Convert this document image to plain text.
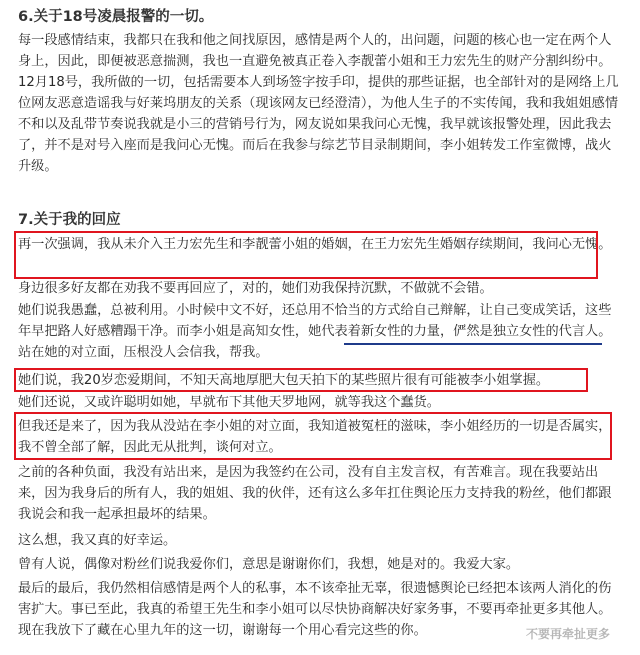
6.关于18号凌晨报警的一切。

每一段感情结束，我都只在我和他之间找原因，感情是两个人的，出问题，问题的核心也一定在两个人身上，因此，即便被恶意揣测，我也一直避免被真正卷入李靓蕾小姐和王力宏先生的财产分割纠纷中。12月18号，我所做的一切，包括需要本人到场签字按手印，提供的那些证据，也全部针对的是网络上几位网友恶意造谣我与好莱坞朋友的关系（现该网友已经澄清），为他人生子的不实传闻，我和我姐姐感情不和以及乱带节奏说我就是小三的营销号行为，网友说如果我问心无愧，我早就该报警处理，因此我去了，并不是对号入座而是我问心无愧。而后在我参与综艺节目录制期间，李小姐转发工作室微博，战火升级。

7.关于我的回应

再一次强调，我从未介入王力宏先生和李靓蕾小姐的婚姻，在王力宏先生婚姻存续期间，我问心无愧。

身边很多好友都在劝我不要再回应了，对的，她们劝我保持沉默，不做就不会错。

她们说我愚蠢，总被利用。小时候中文不好，还总用不恰当的方式给自己辩解，让自己变成笑话，这些年早把路人好感糟蹋干净。而李小姐是高知女性，她代表着新女性的力量，俨然是独立女性的代言人。站在她的对立面，压根没人会信我，帮我。

她们说，我20岁恋爱期间，不知天高地厚肥大包天拍下的某些照片很有可能被李小姐掌握。

她们还说，又或许聪明如她，早就布下其他天罗地网，就等我这个蠢货。

但我还是来了，因为我从没站在李小姐的对立面，我知道被冤枉的滋味，李小姐经历的一切是否属实，我不曾全部了解，因此无从批判，谈何对立。

之前的各种负面，我没有站出来，是因为我签约在公司，没有自主发言权，有苦难言。现在我要站出来，因为我身后的所有人，我的姐姐、我的伙伴，还有这么多年扛住舆论压力支持我的粉丝，他们都跟我说会和我一起承担最坏的结果。

这么想，我又真的好幸运。

曾有人说，偶像对粉丝们说我爱你们，意思是谢谢你们，我想，她是对的。我爱大家。

最后的最后，我仍然相信感情是两个人的私事，本不该牵扯无辜，很遗憾舆论已经把本该两人消化的伤害扩大。事已至此，我真的希望王先生和李小姐可以尽快协商解决好家务事，不要再牵扯更多其他人。现在我放下了藏在心里九年的这一切，谢谢每一个用心看完这些的你。	不要再牵扯更多
